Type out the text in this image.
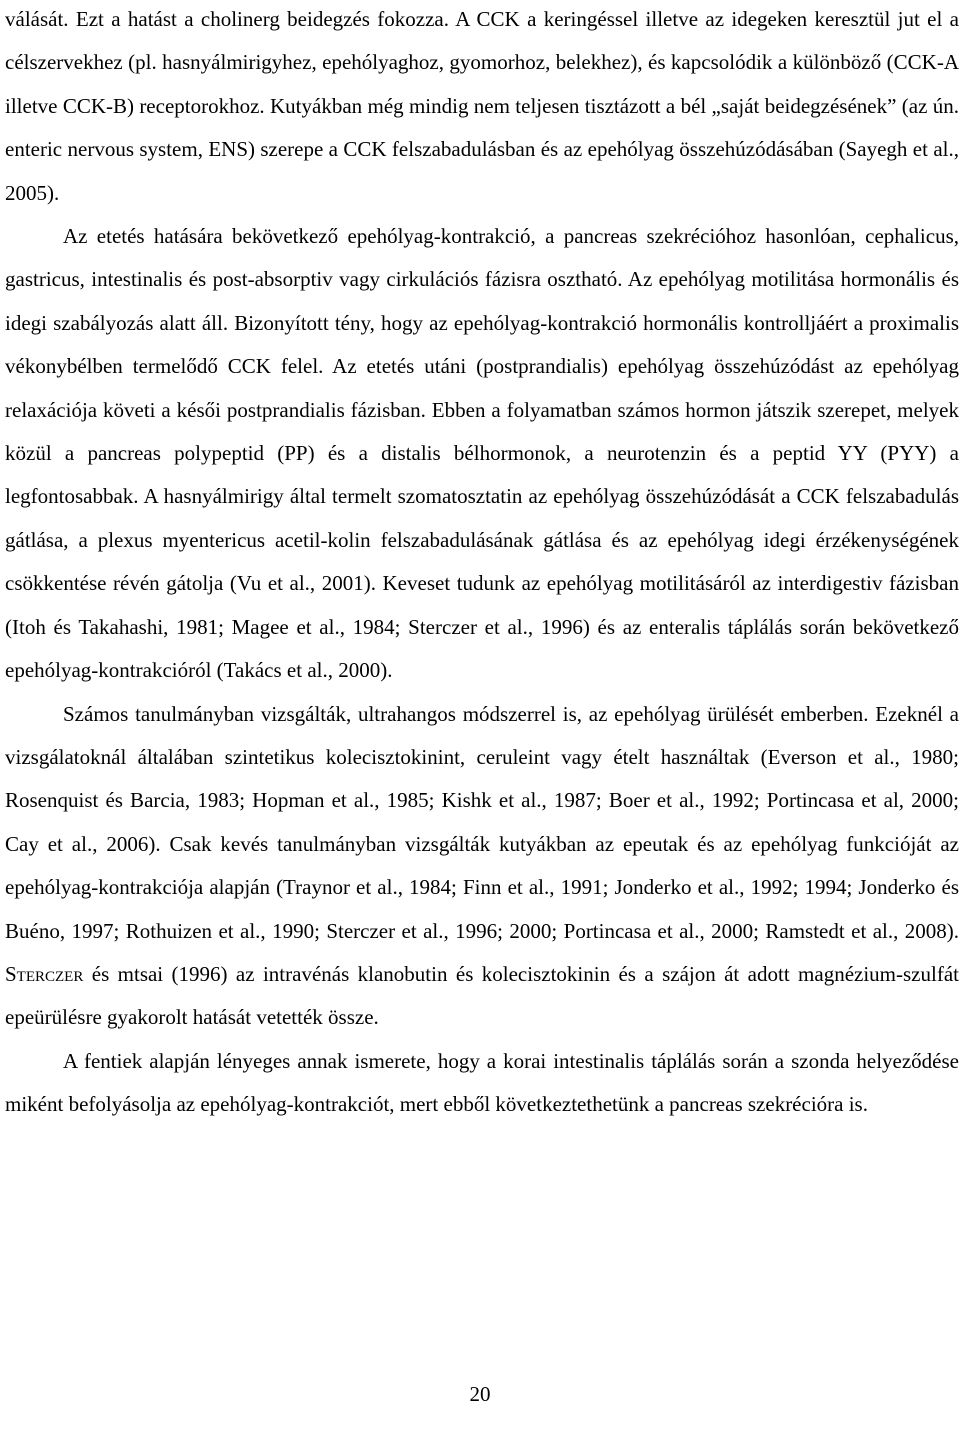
válását. Ezt a hatást a cholinerg beidegzés fokozza. A CCK a keringéssel illetve az idegeken keresztül jut el a célszervekhez (pl. hasnyálmirigyhez, epehólyaghoz, gyomorhoz, belekhez), és kapcsolódik a különböző (CCK-A illetve CCK-B) receptorokhoz. Kutyákban még mindig nem teljesen tisztázott a bél „saját beidegzésének” (az ún. enteric nervous system, ENS) szerepe a CCK felszabadulásban és az epehólyag összehúzódásában (Sayegh et al., 2005).

Az etetés hatására bekövetkező epehólyag-kontrakció, a pancreas szekrécióhoz hasonlóan, cephalicus, gastricus, intestinalis és post-absorptiv vagy cirkulációs fázisra osztható. Az epehólyag motilitása hormonális és idegi szabályozás alatt áll. Bizonyított tény, hogy az epehólyag-kontrakció hormonális kontrolljáért a proximalis vékonybélben termelődő CCK felel. Az etetés utáni (postprandialis) epehólyag összehúzódást az epehólyag relaxációja követi a késői postprandialis fázisban. Ebben a folyamatban számos hormon játszik szerepet, melyek közül a pancreas polypeptid (PP) és a distalis bélhormonok, a neurotenzin és a peptid YY (PYY) a legfontosabbak. A hasnyálmirigy által termelt szomatosztatin az epehólyag összehúzódását a CCK felszabadulás gátlása, a plexus myentericus acetil-kolin felszabadulásának gátlása és az epehólyag idegi érzékenységének csökkentése révén gátolja (Vu et al., 2001). Keveset tudunk az epehólyag motilitásáról az interdigestiv fázisban (Itoh és Takahashi, 1981; Magee et al., 1984; Sterczer et al., 1996) és az enteralis táplálás során bekövetkező epehólyag-kontrakcióról (Takács et al., 2000).

Számos tanulmányban vizsgálták, ultrahangos módszerrel is, az epehólyag ürülését emberben. Ezeknél a vizsgálatoknál általában szintetikus kolecisztokinint, ceruleint vagy ételt használtak (Everson et al., 1980; Rosenquist és Barcia, 1983; Hopman et al., 1985; Kishk et al., 1987; Boer et al., 1992; Portincasa et al, 2000; Cay et al., 2006). Csak kevés tanulmányban vizsgálták kutyákban az epeutak és az epehólyag funkcióját az epehólyag-kontrakciója alapján (Traynor et al., 1984; Finn et al., 1991; Jonderko et al., 1992; 1994; Jonderko és Buéno, 1997; Rothuizen et al., 1990; Sterczer et al., 1996; 2000; Portincasa et al., 2000; Ramstedt et al., 2008). Sterczer és mtsai (1996) az intravénás klanobutin és kolecisztokinin és a szájon át adott magnézium-szulfát epeürülésre gyakorolt hatását vetették össze.

A fentiek alapján lényeges annak ismerete, hogy a korai intestinalis táplálás során a szonda helyeződése miként befolyásolja az epehólyag-kontrakciót, mert ebből következtethetünk a pancreas szekrécióra is.

20
